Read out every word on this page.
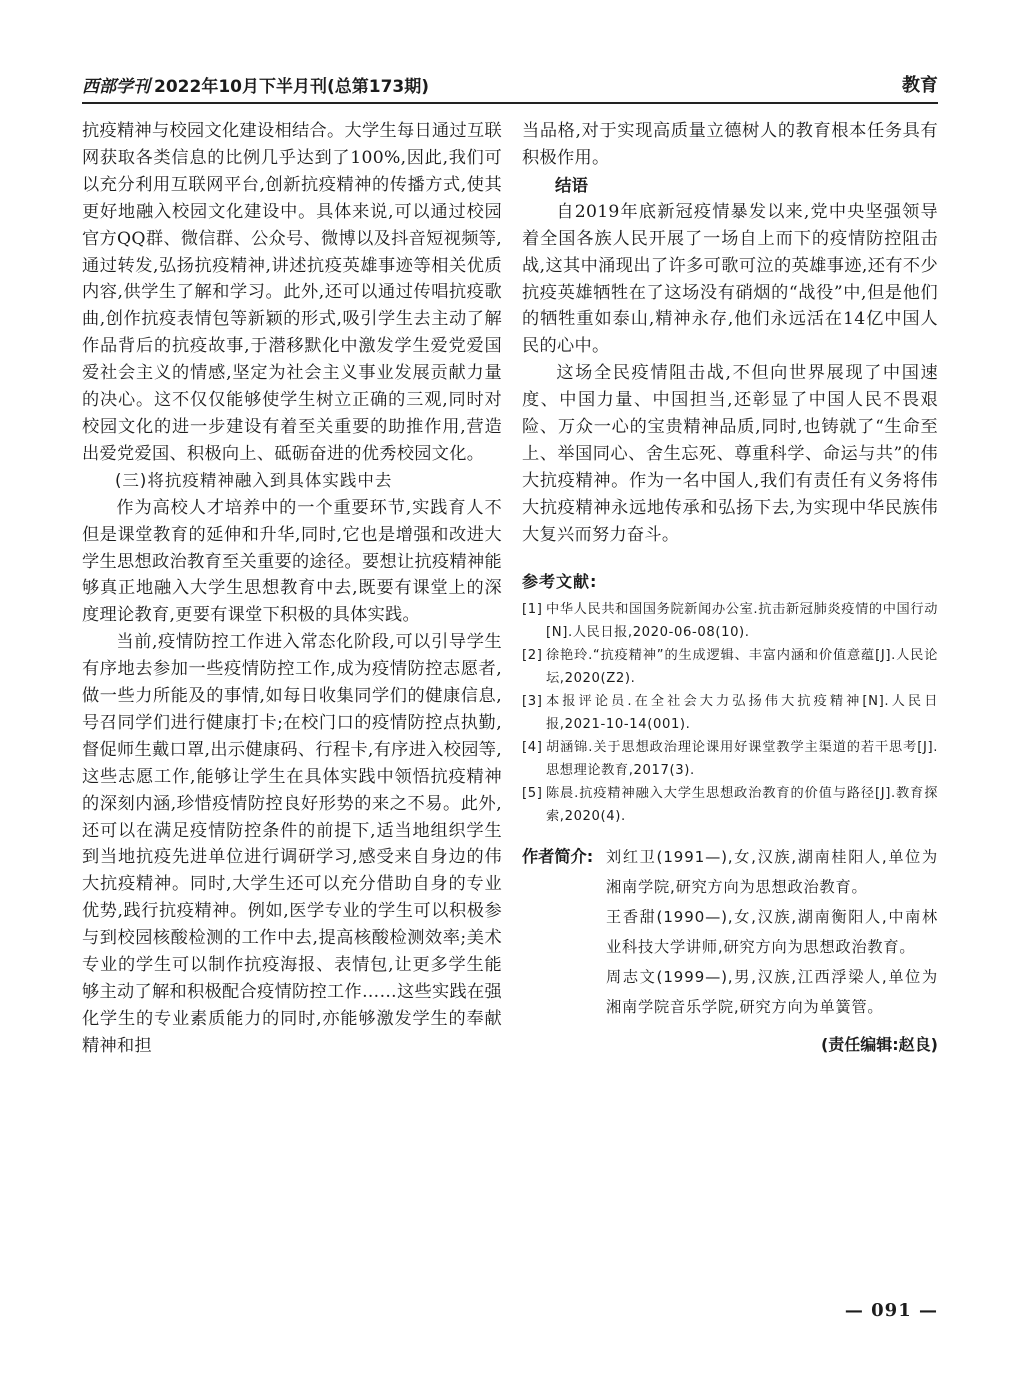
西部学刊 2022年10月下半月刊(总第173期)	教育

抗疫精神与校园文化建设相结合。大学生每日通过互联网获取各类信息的比例几乎达到了100%,因此,我们可以充分利用互联网平台,创新抗疫精神的传播方式,使其更好地融入校园文化建设中。具体来说,可以通过校园官方QQ群、微信群、公众号、微博以及抖音短视频等,通过转发,弘扬抗疫精神,讲述抗疫英雄事迹等相关优质内容,供学生了解和学习。此外,还可以通过传唱抗疫歌曲,创作抗疫表情包等新颖的形式,吸引学生去主动了解作品背后的抗疫故事,于潜移默化中激发学生爱党爱国爱社会主义的情感,坚定为社会主义事业发展贡献力量的决心。这不仅仅能够使学生树立正确的三观,同时对校园文化的进一步建设有着至关重要的助推作用,营造出爱党爱国、积极向上、砥砺奋进的优秀校园文化。

(三)将抗疫精神融入到具体实践中去

作为高校人才培养中的一个重要环节,实践育人不但是课堂教育的延伸和升华,同时,它也是增强和改进大学生思想政治教育至关重要的途径。要想让抗疫精神能够真正地融入大学生思想教育中去,既要有课堂上的深度理论教育,更要有课堂下积极的具体实践。

当前,疫情防控工作进入常态化阶段,可以引导学生有序地去参加一些疫情防控工作,成为疫情防控志愿者,做一些力所能及的事情,如每日收集同学们的健康信息,号召同学们进行健康打卡;在校门口的疫情防控点执勤,督促师生戴口罩,出示健康码、行程卡,有序进入校园等,这些志愿工作,能够让学生在具体实践中领悟抗疫精神的深刻内涵,珍惜疫情防控良好形势的来之不易。此外,还可以在满足疫情防控条件的前提下,适当地组织学生到当地抗疫先进单位进行调研学习,感受来自身边的伟大抗疫精神。同时,大学生还可以充分借助自身的专业优势,践行抗疫精神。例如,医学专业的学生可以积极参与到校园核酸检测的工作中去,提高核酸检测效率;美术专业的学生可以制作抗疫海报、表情包,让更多学生能够主动了解和积极配合疫情防控工作……这些实践在强化学生的专业素质能力的同时,亦能够激发学生的奉献精神和担

当品格,对于实现高质量立德树人的教育根本任务具有积极作用。

结语

自2019年底新冠疫情暴发以来,党中央坚强领导着全国各族人民开展了一场自上而下的疫情防控阻击战,这其中涌现出了许多可歌可泣的英雄事迹,还有不少抗疫英雄牺牲在了这场没有硝烟的“战役”中,但是他们的牺牲重如泰山,精神永存,他们永远活在14亿中国人民的心中。

这场全民疫情阻击战,不但向世界展现了中国速度、中国力量、中国担当,还彰显了中国人民不畏艰险、万众一心的宝贵精神品质,同时,也铸就了“生命至上、举国同心、舍生忘死、尊重科学、命运与共”的伟大抗疫精神。作为一名中国人,我们有责任有义务将伟大抗疫精神永远地传承和弘扬下去,为实现中华民族伟大复兴而努力奋斗。

参考文献:
[1] 中华人民共和国国务院新闻办公室.抗击新冠肺炎疫情的中国行动[N].人民日报,2020-06-08(10).
[2] 徐艳玲.“抗疫精神”的生成逻辑、丰富内涵和价值意蕴[J].人民论坛,2020(Z2).
[3] 本报评论员.在全社会大力弘扬伟大抗疫精神[N].人民日报,2021-10-14(001).
[4] 胡涵锦.关于思想政治理论课用好课堂教学主渠道的若干思考[J].思想理论教育,2017(3).
[5] 陈晨.抗疫精神融入大学生思想政治教育的价值与路径[J].教育探索,2020(4).
作者简介: 刘红卫(1991—),女,汉族,湖南桂阳人,单位为湘南学院,研究方向为思想政治教育。

王香甜(1990—),女,汉族,湖南衡阳人,中南林业科技大学讲师,研究方向为思想政治教育。

周志文(1999—),男,汉族,江西浮梁人,单位为湘南学院音乐学院,研究方向为单簧管。

(责任编辑:赵良)
— 091 —
